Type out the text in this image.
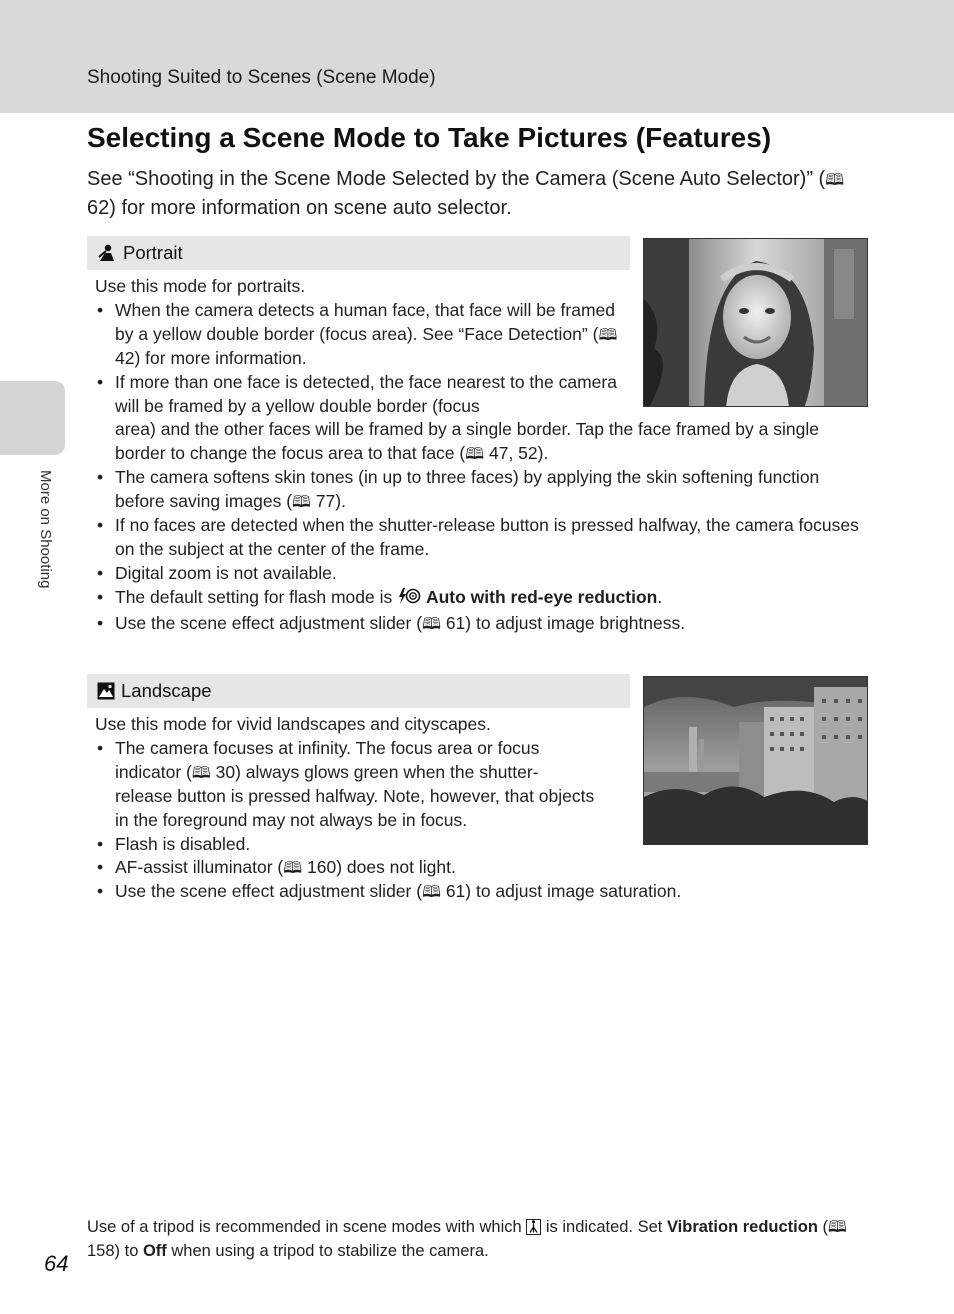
Shooting Suited to Scenes (Scene Mode)
More on Shooting
Selecting a Scene Mode to Take Pictures (Features)

See “Shooting in the Scene Mode Selected by the Camera (Scene Auto Selector)” (🕮 62) for more information on scene auto selector.

Portrait

Use this mode for portraits.

• When the camera detects a human face, that face will be framed by a yellow double border (focus area). See “Face Detection” (🕮 42) for more information.
• If more than one face is detected, the face nearest to the camera will be framed by a yellow double border (focus
area) and the other faces will be framed by a single border. Tap the face framed by a single border to change the focus area to that face (🕮 47, 52).
• The camera softens skin tones (in up to three faces) by applying the skin softening function before saving images (🕮 77).
• If no faces are detected when the shutter-release button is pressed halfway, the camera focuses on the subject at the center of the frame.
• Digital zoom is not available.
• The default setting for flash mode is  Auto with red-eye reduction.
• Use the scene effect adjustment slider (🕮 61) to adjust image brightness.
Landscape

Use this mode for vivid landscapes and cityscapes.

• The camera focuses at infinity. The focus area or focus indicator (🕮 30) always glows green when the shutter-release button is pressed halfway. Note, however, that objects in the foreground may not always be in focus.
• Flash is disabled.
• AF-assist illuminator (🕮 160) does not light.
• Use the scene effect adjustment slider (🕮 61) to adjust image saturation.
Use of a tripod is recommended in scene modes with which  is indicated. Set Vibration reduction (🕮 158) to Off when using a tripod to stabilize the camera.
64
